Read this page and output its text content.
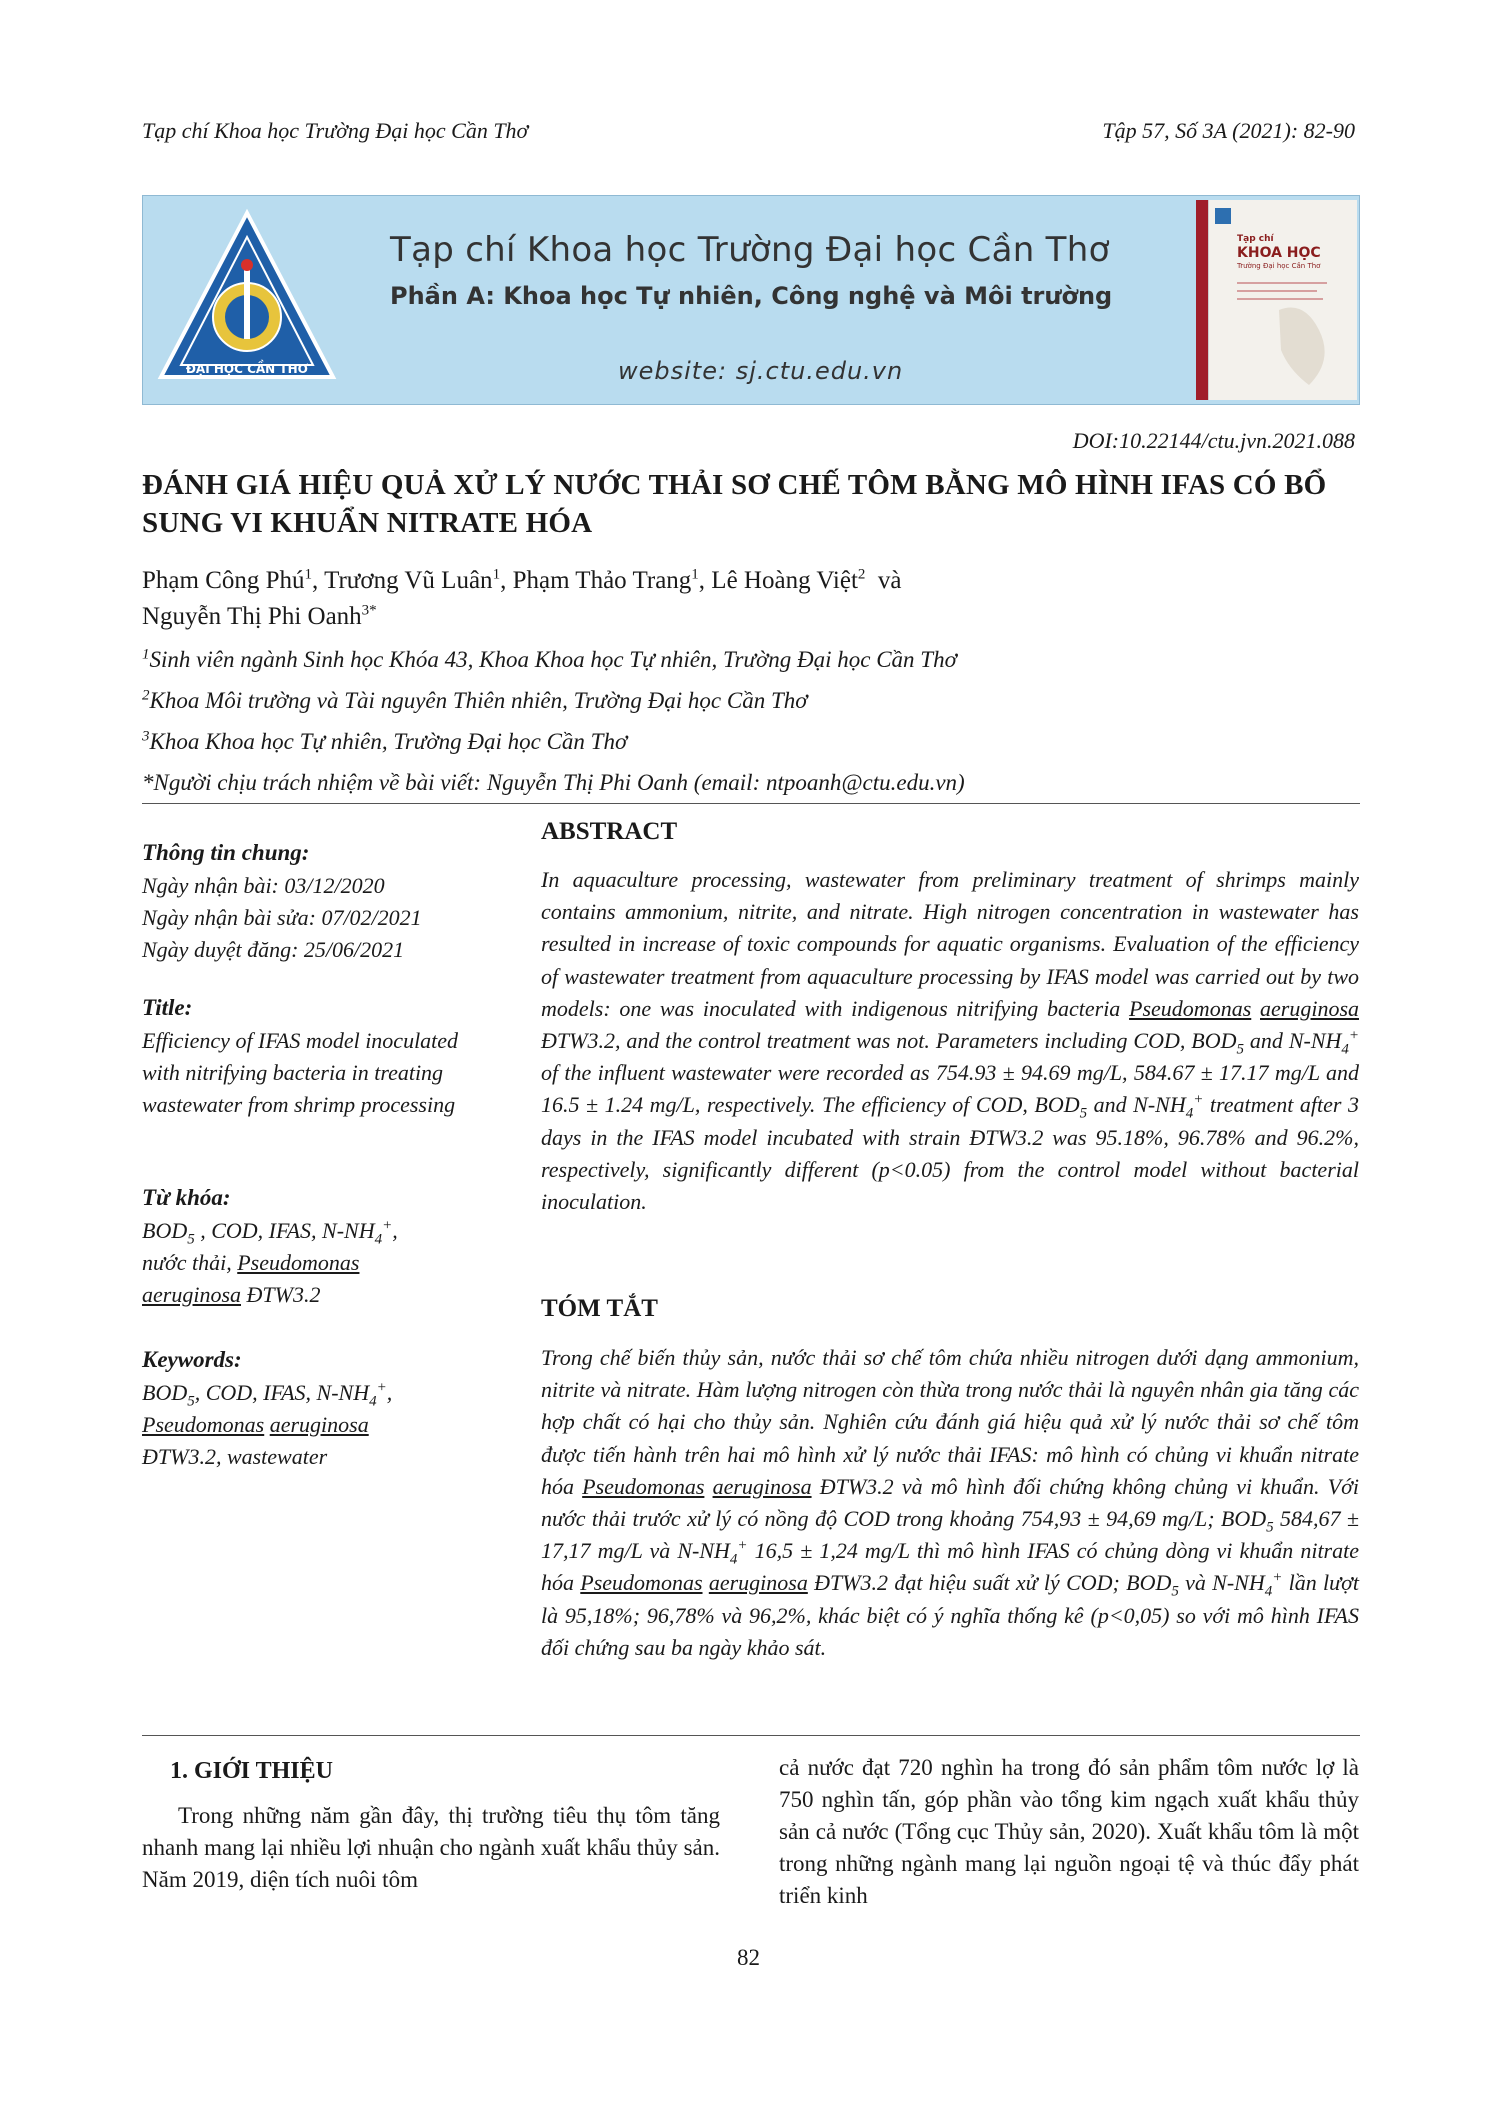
Tạp chí Khoa học Trường Đại học Cần Thơ	Tập 57, Số 3A (2021): 82-90
ĐẠI HỌC CẦN THƠ
Tạp chí Khoa học Trường Đại học Cần Thơ
Phần A: Khoa học Tự nhiên, Công nghệ và Môi trường
website: sj.ctu.edu.vn
Tạp chí
KHOA HỌC
Trường Đại học Cần Thơ
DOI:10.22144/ctu.jvn.2021.088
ĐÁNH GIÁ HIỆU QUẢ XỬ LÝ NƯỚC THẢI SƠ CHẾ TÔM BẰNG MÔ HÌNH IFAS CÓ BỔ SUNG VI KHUẨN NITRATE HÓA
Phạm Công Phú$^1$, Trương Vũ Luân$^1$, Phạm Thảo Trang$^1$, Lê Hoàng Việt$^2$ và
Nguyễn Thị Phi Oanh$^{3*}$
$^1$Sinh viên ngành Sinh học Khóa 43, Khoa Khoa học Tự nhiên, Trường Đại học Cần Thơ
$^2$Khoa Môi trường và Tài nguyên Thiên nhiên, Trường Đại học Cần Thơ
$^3$Khoa Khoa học Tự nhiên, Trường Đại học Cần Thơ
*Người chịu trách nhiệm về bài viết: Nguyễn Thị Phi Oanh (email: ntpoanh@ctu.edu.vn)
Thông tin chung:
Ngày nhận bài: 03/12/2020
Ngày nhận bài sửa: 07/02/2021
Ngày duyệt đăng: 25/06/2021
Title:
Efficiency of IFAS model inoculated with nitrifying bacteria in treating wastewater from shrimp processing
Từ khóa:
$BOD_5$ , COD, IFAS, $N-NH_4^+$,
nước thải, Pseudomonas
aeruginosa ĐTW3.2
Keywords:
$BOD_5$, COD, IFAS, $N-NH_4^+$,
Pseudomonas aeruginosa
ĐTW3.2, wastewater
ABSTRACT
In aquaculture processing, wastewater from preliminary treatment of shrimps mainly contains ammonium, nitrite, and nitrate. High nitrogen concentration in wastewater has resulted in increase of toxic compounds for aquatic organisms. Evaluation of the efficiency of wastewater treatment from aquaculture processing by IFAS model was carried out by two models: one was inoculated with indigenous nitrifying bacteria Pseudomonas aeruginosa ĐTW3.2, and the control treatment was not. Parameters including COD, $BOD_5$ and $N-NH_4^+$ of the influent wastewater were recorded as 754.93 ± 94.69 mg/L, 584.67 ± 17.17 mg/L and 16.5 ± 1.24 mg/L, respectively. The efficiency of COD, $BOD_5$ and $N-NH_4^+$ treatment after 3 days in the IFAS model incubated with strain ĐTW3.2 was 95.18%, 96.78% and 96.2%, respectively, significantly different (p<0.05) from the control model without bacterial inoculation.
TÓM TẮT
Trong chế biến thủy sản, nước thải sơ chế tôm chứa nhiều nitrogen dưới dạng ammonium, nitrite và nitrate. Hàm lượng nitrogen còn thừa trong nước thải là nguyên nhân gia tăng các hợp chất có hại cho thủy sản. Nghiên cứu đánh giá hiệu quả xử lý nước thải sơ chế tôm được tiến hành trên hai mô hình xử lý nước thải IFAS: mô hình có chủng vi khuẩn nitrate hóa Pseudomonas aeruginosa ĐTW3.2 và mô hình đối chứng không chủng vi khuẩn. Với nước thải trước xử lý có nồng độ COD trong khoảng 754,93 ± 94,69 mg/L; $BOD_5$ 584,67 ± 17,17 mg/L và $N-NH_4^+$ 16,5 ± 1,24 mg/L thì mô hình IFAS có chủng dòng vi khuẩn nitrate hóa Pseudomonas aeruginosa ĐTW3.2 đạt hiệu suất xử lý COD; $BOD_5$ và $N-NH_4^+$ lần lượt là 95,18%; 96,78% và 96,2%, khác biệt có ý nghĩa thống kê (p<0,05) so với mô hình IFAS đối chứng sau ba ngày khảo sát.
1. GIỚI THIỆU
Trong những năm gần đây, thị trường tiêu thụ tôm tăng nhanh mang lại nhiều lợi nhuận cho ngành xuất khẩu thủy sản. Năm 2019, diện tích nuôi tôm
cả nước đạt 720 nghìn ha trong đó sản phẩm tôm nước lợ là 750 nghìn tấn, góp phần vào tổng kim ngạch xuất khẩu thủy sản cả nước (Tổng cục Thủy sản, 2020). Xuất khẩu tôm là một trong những ngành mang lại nguồn ngoại tệ và thúc đẩy phát triển kinh
82
